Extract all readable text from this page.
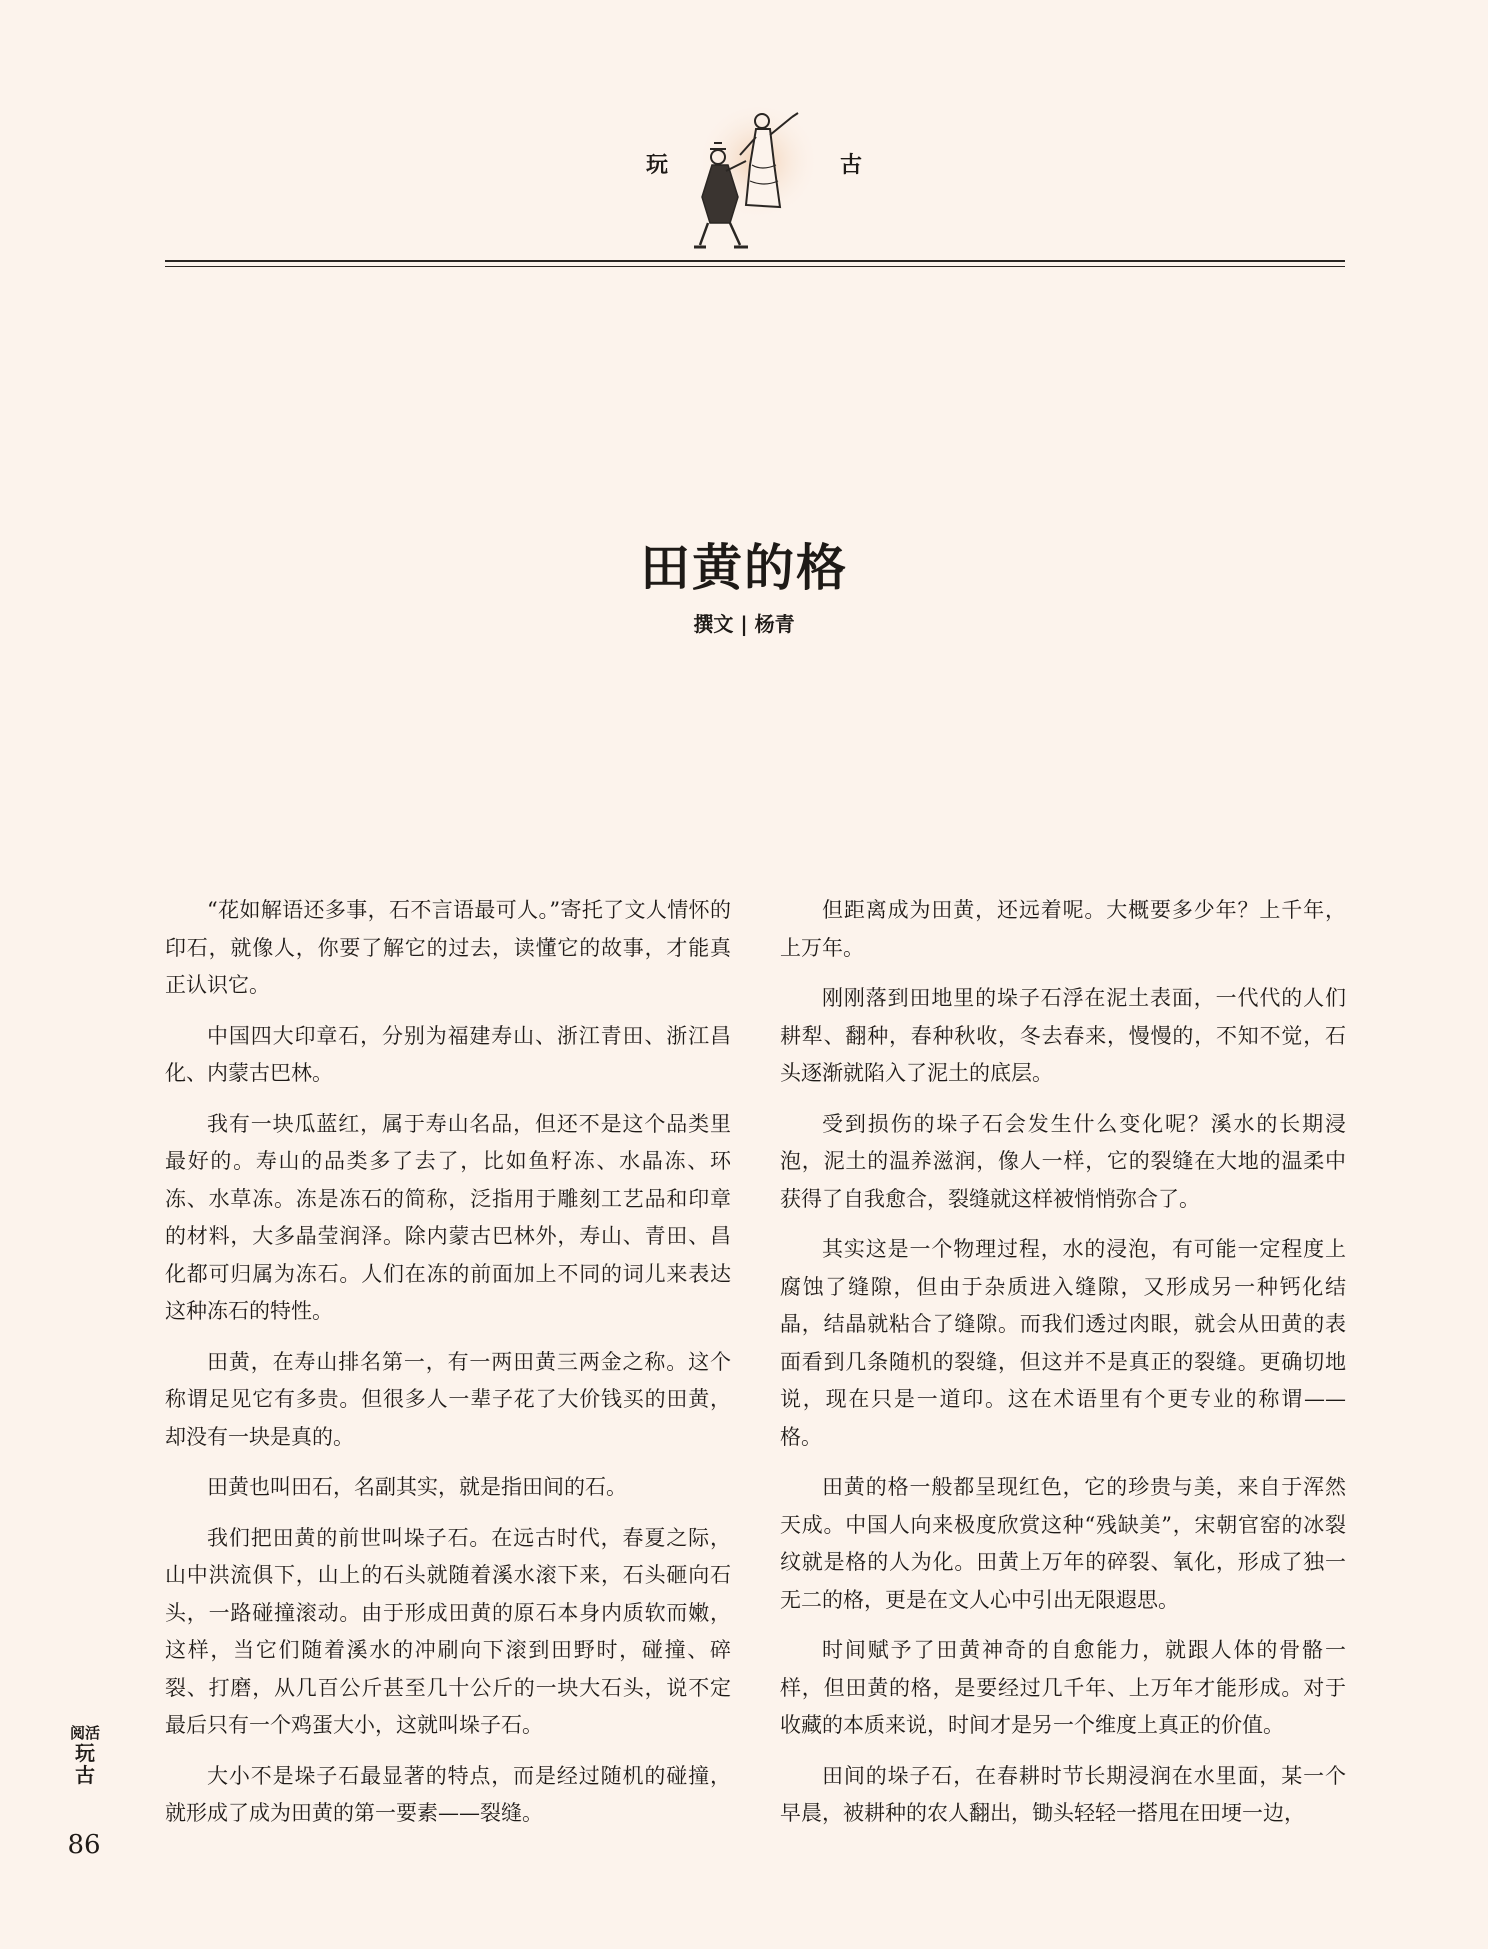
玩	古
田黄的格
撰文 | 杨青

“花如解语还多事，石不言语最可人。”寄托了文人情怀的印石，就像人，你要了解它的过去，读懂它的故事，才能真正认识它。

中国四大印章石，分别为福建寿山、浙江青田、浙江昌化、内蒙古巴林。

我有一块瓜蓝红，属于寿山名品，但还不是这个品类里最好的。寿山的品类多了去了，比如鱼籽冻、水晶冻、环冻、水草冻。冻是冻石的简称，泛指用于雕刻工艺品和印章的材料，大多晶莹润泽。除内蒙古巴林外，寿山、青田、昌化都可归属为冻石。人们在冻的前面加上不同的词儿来表达这种冻石的特性。

田黄，在寿山排名第一，有一两田黄三两金之称。这个称谓足见它有多贵。但很多人一辈子花了大价钱买的田黄，却没有一块是真的。

田黄也叫田石，名副其实，就是指田间的石。

我们把田黄的前世叫垛子石。在远古时代，春夏之际，山中洪流俱下，山上的石头就随着溪水滚下来，石头砸向石头，一路碰撞滚动。由于形成田黄的原石本身内质软而嫩，这样，当它们随着溪水的冲刷向下滚到田野时，碰撞、碎裂、打磨，从几百公斤甚至几十公斤的一块大石头，说不定最后只有一个鸡蛋大小，这就叫垛子石。

大小不是垛子石最显著的特点，而是经过随机的碰撞，就形成了成为田黄的第一要素——裂缝。

但距离成为田黄，还远着呢。大概要多少年？上千年，上万年。

刚刚落到田地里的垛子石浮在泥土表面，一代代的人们耕犁、翻种，春种秋收，冬去春来，慢慢的，不知不觉，石头逐渐就陷入了泥土的底层。

受到损伤的垛子石会发生什么变化呢？溪水的长期浸泡，泥土的温养滋润，像人一样，它的裂缝在大地的温柔中获得了自我愈合，裂缝就这样被悄悄弥合了。

其实这是一个物理过程，水的浸泡，有可能一定程度上腐蚀了缝隙，但由于杂质进入缝隙，又形成另一种钙化结晶，结晶就粘合了缝隙。而我们透过肉眼，就会从田黄的表面看到几条随机的裂缝，但这并不是真正的裂缝。更确切地说，现在只是一道印。这在术语里有个更专业的称谓——格。

田黄的格一般都呈现红色，它的珍贵与美，来自于浑然天成。中国人向来极度欣赏这种“残缺美”，宋朝官窑的冰裂纹就是格的人为化。田黄上万年的碎裂、氧化，形成了独一无二的格，更是在文人心中引出无限遐思。

时间赋予了田黄神奇的自愈能力，就跟人体的骨骼一样，但田黄的格，是要经过几千年、上万年才能形成。对于收藏的本质来说，时间才是另一个维度上真正的价值。

田间的垛子石，在春耕时节长期浸润在水里面，某一个早晨，被耕种的农人翻出，锄头轻轻一搭甩在田埂一边，

阅活
玩古
86
